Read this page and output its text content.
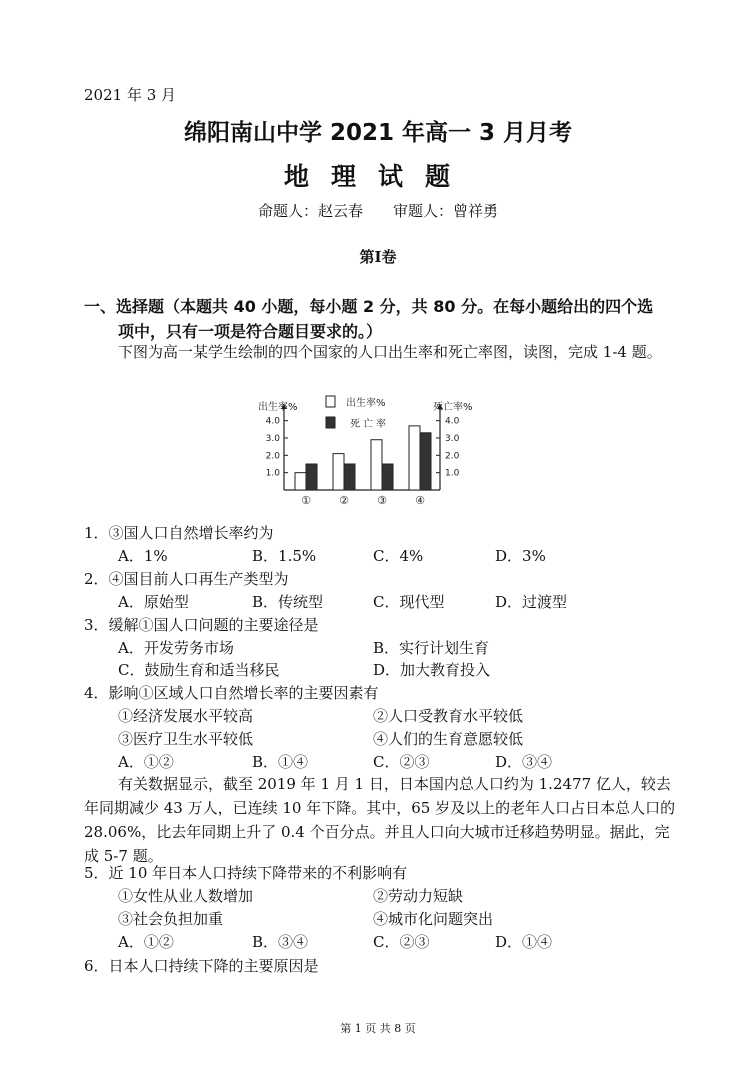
2021 年 3 月
绵阳南山中学 2021 年高一 3 月月考
地理试题
命题人：赵云春 审题人：曾祥勇
第Ⅰ卷
一、选择题（本题共 40 小题，每小题 2 分，共 80 分。在每小题给出的四个选
项中，只有一项是符合题目要求的。）
下图为高一某学生绘制的四个国家的人口出生率和死亡率图，读图，完成 1-4 题。
1.0	1.0
2.0	2.0
3.0	3.0
4.0	4.0
出生率%	死亡率%
出生率%
死亡率
①	②	③	④
1．③国人口自然增长率约为
A．1%	B．1.5%	C．4%	D．3%
2．④国目前人口再生产类型为
A．原始型	B．传统型	C．现代型	D．过渡型
3．缓解①国人口问题的主要途径是
A．开发劳务市场	B．实行计划生育
C．鼓励生育和适当移民	D．加大教育投入
4．影响①区域人口自然增长率的主要因素有
①经济发展水平较高	②人口受教育水平较低
③医疗卫生水平较低	④人们的生育意愿较低
A．①②	B．①④	C．②③	D．③④
有关数据显示，截至 2019 年 1 月 1 日，日本国内总人口约为 1.2477 亿人，较去年同期减少 43 万人，已连续 10 年下降。其中，65 岁及以上的老年人口占日本总人口的 28.06%，比去年同期上升了 0.4 个百分点。并且人口向大城市迁移趋势明显。据此，完成 5-7 题。
5．近 10 年日本人口持续下降带来的不利影响有
①女性从业人数增加	②劳动力短缺
③社会负担加重	④城市化问题突出
A．①②	B．③④	C．②③	D．①④
6．日本人口持续下降的主要原因是
第 1 页 共 8 页
